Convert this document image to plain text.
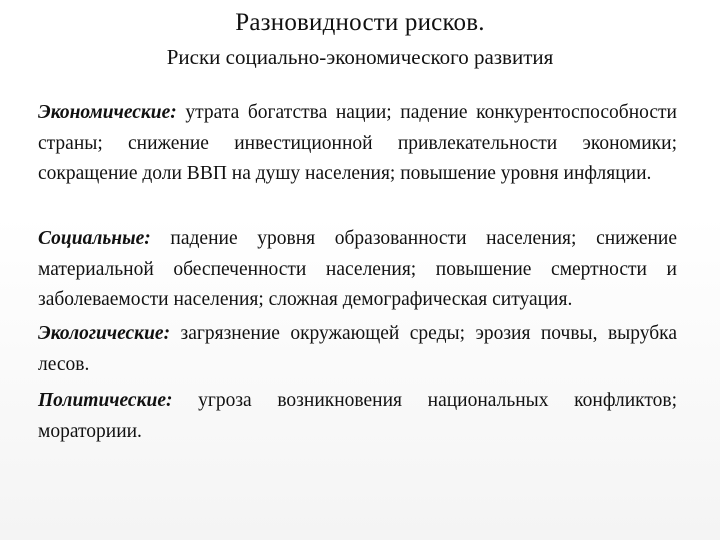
Разновидности рисков.
Риски социально-экономического развития
Экономические: утрата богатства нации; падение конкурентоспособности страны; снижение инвестиционной привлекательности экономики; сокращение доли ВВП на душу населения; повышение уровня инфляции.
Социальные: падение уровня образованности населения; снижение материальной обеспеченности населения; повышение смертности и заболеваемости населения; сложная демографическая ситуация.
Экологические: загрязнение окружающей среды; эрозия почвы, вырубка лесов.
Политические: угроза возникновения национальных конфликтов; мораториии.
